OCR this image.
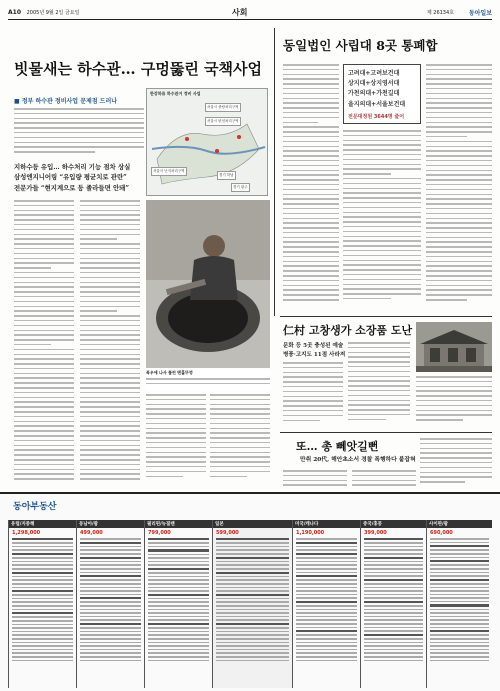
A10 2005년 9월 2일 금요일	사회	제 26134호 동아일보
빗물새는 하수관… 구멍뚫린 국책사업
■ 정부 하수관 정비사업 문제점 드러나
한강하류 하수관거 정비 사업
서울시 중랑처리구역
서울시 탄천처리구역
서울시 난지처리구역
경기 하남
경기 광주
지하수등 유입… 하수처리 기능 점차 상실
삼성엔지니어링 “유입량 평균치로 관란”
전문가들 “현지계으로 등 졸라들면 안돼”
폭우에 나사 풀린 맨홀뚜껑
동일법인 사립대 8곳 통폐합
고려대+고려보건대
상지대+상지영서대
가천의대+가천길대
을지의대+서울보건대
전문대정원 3644명 줄어
仁村 고창생가 소장품 도난
문화 등 5곳 충성된 예술
병풍·고지도 11점 사라져
또… 총 뻬앗길뻔
만취 20代, 해안초소서 경찰 폭행하다 붙잡혀
동아부동산
유럽/지중해
1,298,000
동남아/괌
499,000
필리핀/뉴질랜
799,000
일본
599,000
미국/캐나다
1,190,000
중국/홍콩
399,000
사이판/괌
690,000
